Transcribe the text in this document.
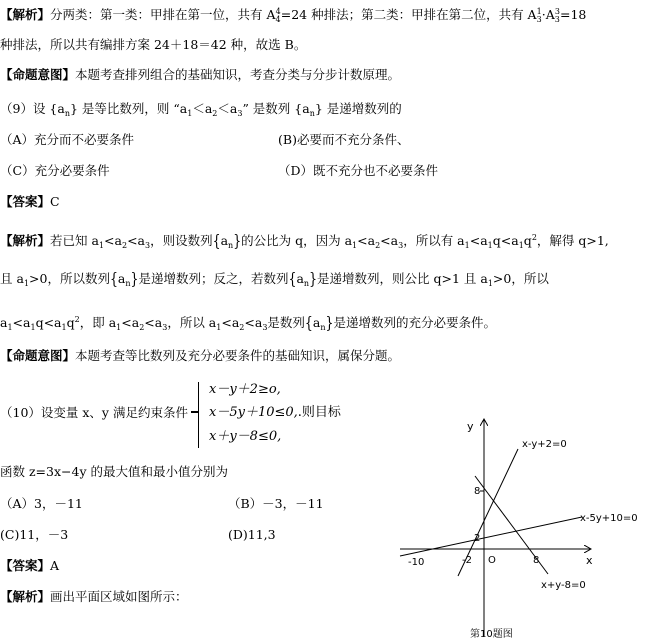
【解析】分两类：第一类：甲排在第一位，共有 $A_4^4=24$ 种排法；第二类：甲排在第二位，共有 $A_3^1\cdot A_3^3=18$
种排法，所以共有编排方案 24＋18＝42 种，故选 B。
【命题意图】本题考查排列组合的基础知识，考查分类与分步计数原理。
（9）设 $\{a_n\}$ 是等比数列，则 “$a_1<a_2<a_3$” 是数列 $\{a_n\}$ 是递增数列的
（A）充分而不必要条件	(B)必要而不充分条件、
（C）充分必要条件	（D）既不充分也不必要条件
【答案】C
【解析】若已知 $a_1<a_2<a_3$，则设数列$\{a_n\}$的公比为 q，因为 $a_1<a_2<a_3$，所以有 $a_1<a_1q<a_1q^2$，解得 q>1,
且 $a_1>0$，所以数列$\{a_n\}$是递增数列；反之，若数列$\{a_n\}$是递增数列，则公比 q>1 且 $a_1>0$，所以
$a_1<a_1q<a_1q^2$，即 $a_1<a_2<a_3$，所以 $a_1<a_2<a_3$是数列$\{a_n\}$是递增数列的充分必要条件。
【命题意图】本题考查等比数列及充分必要条件的基础知识，属保分题。
（10）设变量 x、y 满足约束条件
x－y＋2≥o,
x－5y＋10≤0,.则目标
x＋y－8≤0,
函数 z=3x−4y 的最大值和最小值分别为
（A）3，－11	（B）－3，－11
(C)11，－3	(D)11,3
【答案】A
【解析】画出平面区域如图所示：
y
x
O
8
2
-10	-2	8
x-y+2=0
x-5y+10=0
x+y-8=0
第10题图
